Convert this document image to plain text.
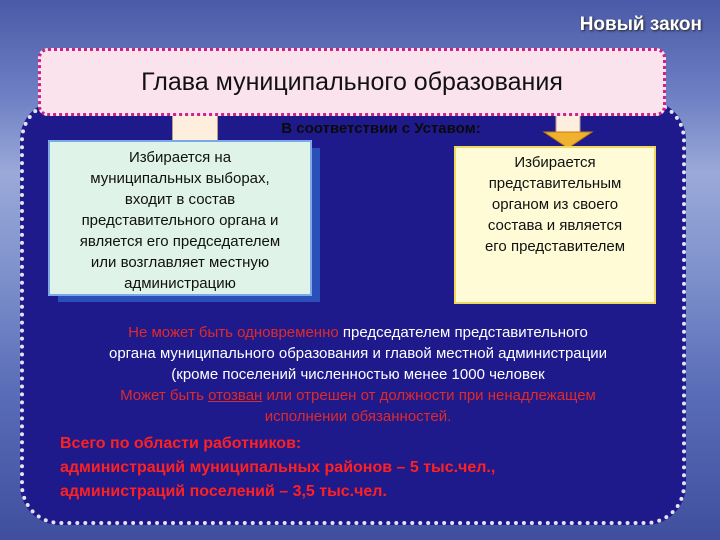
Новый закон
Глава муниципального образования
В соответствии с Уставом:
Избирается на
муниципальных выборах,
входит в состав
представительного органа и
является его председателем
или возглавляет местную
администрацию
Избирается
представительным
органом из своего
состава и является
его представителем
Не может быть одновременно председателем представительного
органа муниципального образования и главой местной администрации
(кроме поселений численностью менее 1000 человек
Может быть отозван или отрешен от должности при ненадлежащем
исполнении обязанностей.
Всего по области работников:
администраций муниципальных районов – 5 тыс.чел.,
администраций поселений – 3,5 тыс.чел.
